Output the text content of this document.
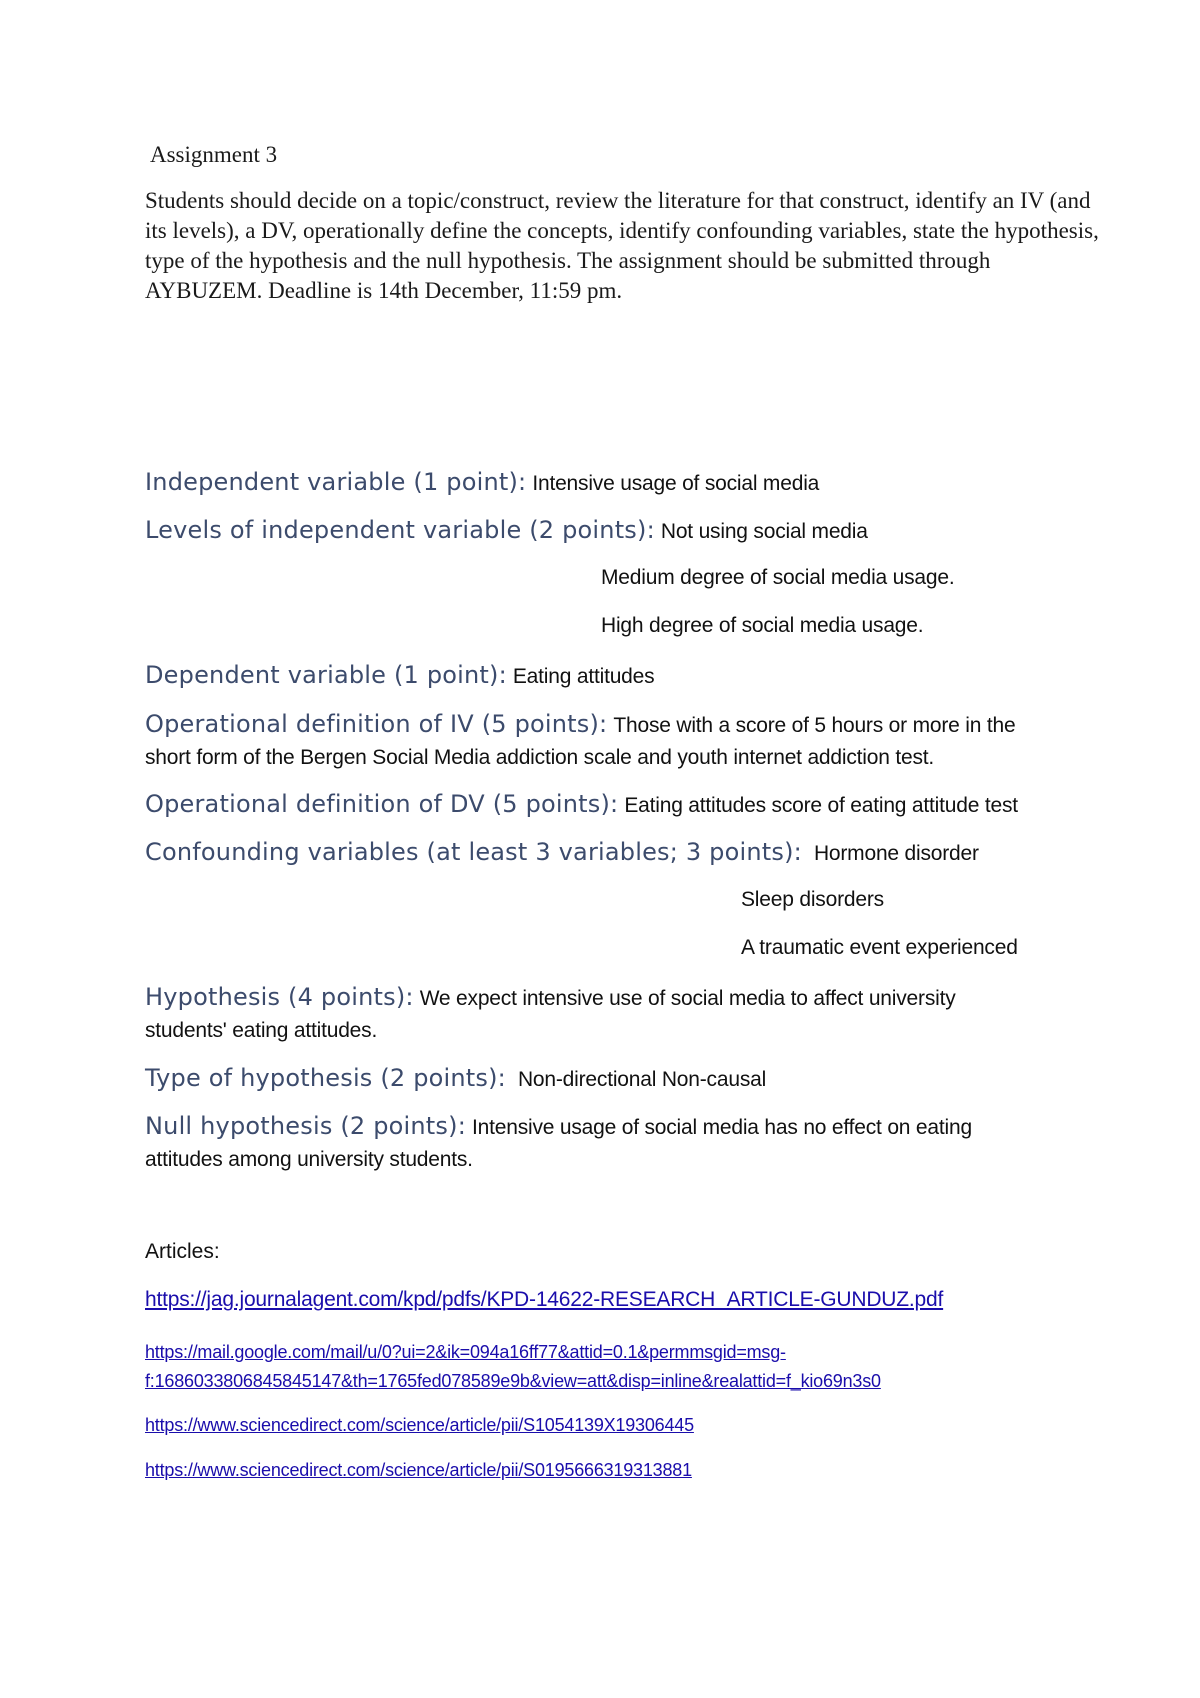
Assignment 3
Students should decide on a topic/construct, review the literature for that construct, identify an IV (and its levels), a DV, operationally define the concepts, identify confounding variables, state the hypothesis, type of the hypothesis and the null hypothesis. The assignment should be submitted through AYBUZEM. Deadline is 14th December, 11:59 pm.
Independent variable (1 point): Intensive usage of social media
Levels of independent variable (2 points): Not using social media
Medium degree of social media usage.
High degree of social media usage.
Dependent variable (1 point): Eating attitudes
Operational definition of IV (5 points): Those with a score of 5 hours or more in the
short form of the Bergen Social Media addiction scale and youth internet addiction test.
Operational definition of DV (5 points): Eating attitudes score of eating attitude test
Confounding variables (at least 3 variables; 3 points): Hormone disorder
Sleep disorders
A traumatic event experienced
Hypothesis (4 points): We expect intensive use of social media to affect university
students' eating attitudes.
Type of hypothesis (2 points): Non-directional Non-causal
Null hypothesis (2 points): Intensive usage of social media has no effect on eating
attitudes among university students.
Articles:
https://jag.journalagent.com/kpd/pdfs/KPD-14622-RESEARCH_ARTICLE-GUNDUZ.pdf
https://mail.google.com/mail/u/0?ui=2&ik=094a16ff77&attid=0.1&permmsgid=msg-f:1686033806845845147&th=1765fed078589e9b&view=att&disp=inline&realattid=f_kio69n3s0
https://www.sciencedirect.com/science/article/pii/S1054139X19306445
https://www.sciencedirect.com/science/article/pii/S0195666319313881
